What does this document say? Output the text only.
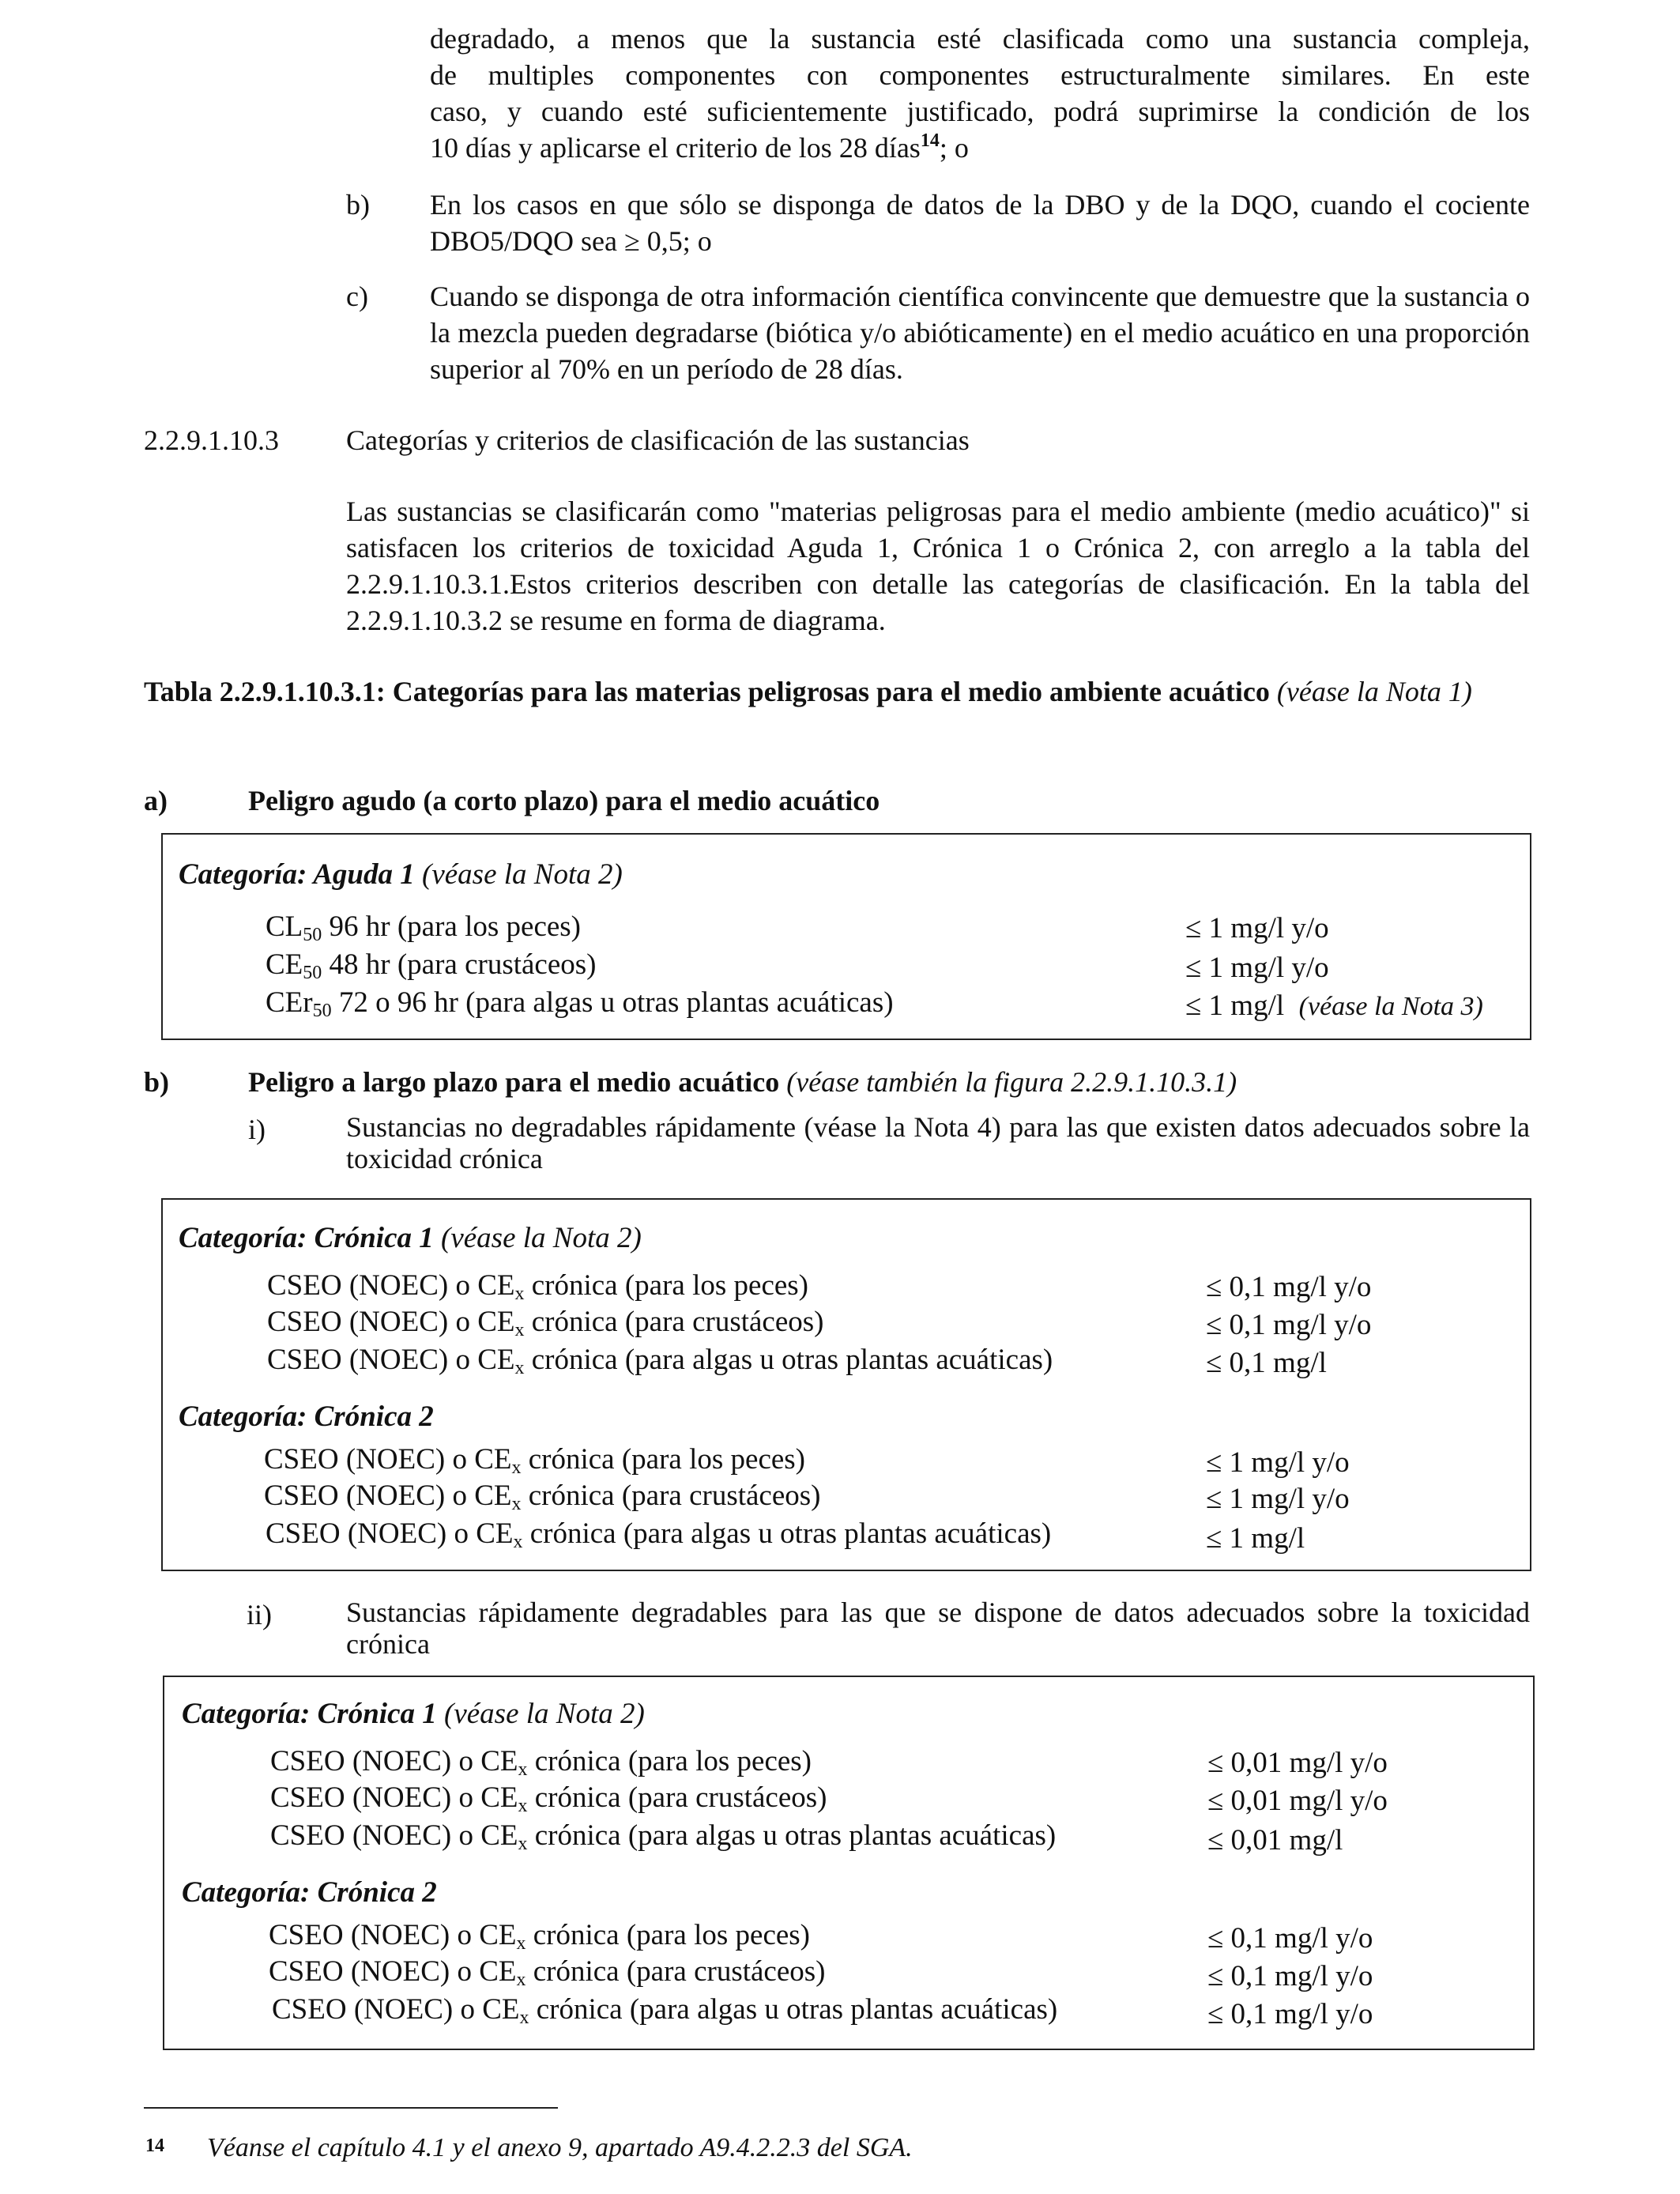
degradado, a menos que la sustancia esté clasificada como una sustancia compleja,
de multiples componentes con componentes estructuralmente similares. En este
caso, y cuando esté suficientemente justificado, podrá suprimirse la condición de los
10 días y aplicarse el criterio de los 28 días$^{14}$; o
b) En los casos en que sólo se disponga de datos de la DBO y de la DQO, cuando el cociente DBO5/DQO sea ≥ 0,5; o
c) Cuando se disponga de otra información científica convincente que demuestre que la sustancia o la mezcla pueden degradarse (biótica y/o abióticamente) en el medio acuático en una proporción superior al 70% en un período de 28 días.
2.2.9.1.10.3 Categorías y criterios de clasificación de las sustancias
Las sustancias se clasificarán como "materias peligrosas para el medio ambiente (medio acuático)" si satisfacen los criterios de toxicidad Aguda 1, Crónica 1 o Crónica 2, con arreglo a la tabla del 2.2.9.1.10.3.1.Estos criterios describen con detalle las categorías de clasificación. En la tabla del 2.2.9.1.10.3.2 se resume en forma de diagrama.
Tabla 2.2.9.1.10.3.1: Categorías para las materias peligrosas para el medio ambiente acuático (véase la Nota 1)
a)	Peligro agudo (a corto plazo) para el medio acuático
Categoría: Aguda 1 (véase la Nota 2)
$CL_{50}$ 96 hr (para los peces)	≤ 1 mg/l y/o
$CE_{50}$ 48 hr (para crustáceos)	≤ 1 mg/l y/o
CEr$_{50}$ 72 o 96 hr (para algas u otras plantas acuáticas)	≤ 1 mg/l (véase la Nota 3)
b)	Peligro a largo plazo para el medio acuático (véase también la figura 2.2.9.1.10.3.1)
i)	Sustancias no degradables rápidamente (véase la Nota 4) para las que existen datos adecuados sobre la toxicidad crónica
Categoría: Crónica 1 (véase la Nota 2)
CSEO (NOEC) o $CE_x$ crónica (para los peces)	≤ 0,1 mg/l y/o
CSEO (NOEC) o $CE_x$ crónica (para crustáceos)	≤ 0,1 mg/l y/o
CSEO (NOEC) o $CE_x$ crónica (para algas u otras plantas acuáticas)	≤ 0,1 mg/l
Categoría: Crónica 2
CSEO (NOEC) o $CE_x$ crónica (para los peces)	≤ 1 mg/l y/o
CSEO (NOEC) o $CE_x$ crónica (para crustáceos)	≤ 1 mg/l y/o
CSEO (NOEC) o $CE_x$ crónica (para algas u otras plantas acuáticas)	≤ 1 mg/l
ii)	Sustancias rápidamente degradables para las que se dispone de datos adecuados sobre la toxicidad crónica
Categoría: Crónica 1 (véase la Nota 2)
CSEO (NOEC) o $CE_x$ crónica (para los peces)	≤ 0,01 mg/l y/o
CSEO (NOEC) o $CE_x$ crónica (para crustáceos)	≤ 0,01 mg/l y/o
CSEO (NOEC) o $CE_x$ crónica (para algas u otras plantas acuáticas)	≤ 0,01 mg/l
Categoría: Crónica 2
CSEO (NOEC) o $CE_x$ crónica (para los peces)	≤ 0,1 mg/l y/o
CSEO (NOEC) o $CE_x$ crónica (para crustáceos)	≤ 0,1 mg/l y/o
CSEO (NOEC) o $CE_x$ crónica (para algas u otras plantas acuáticas)	≤ 0,1 mg/l y/o
14 Véanse el capítulo 4.1 y el anexo 9, apartado A9.4.2.2.3 del SGA.
